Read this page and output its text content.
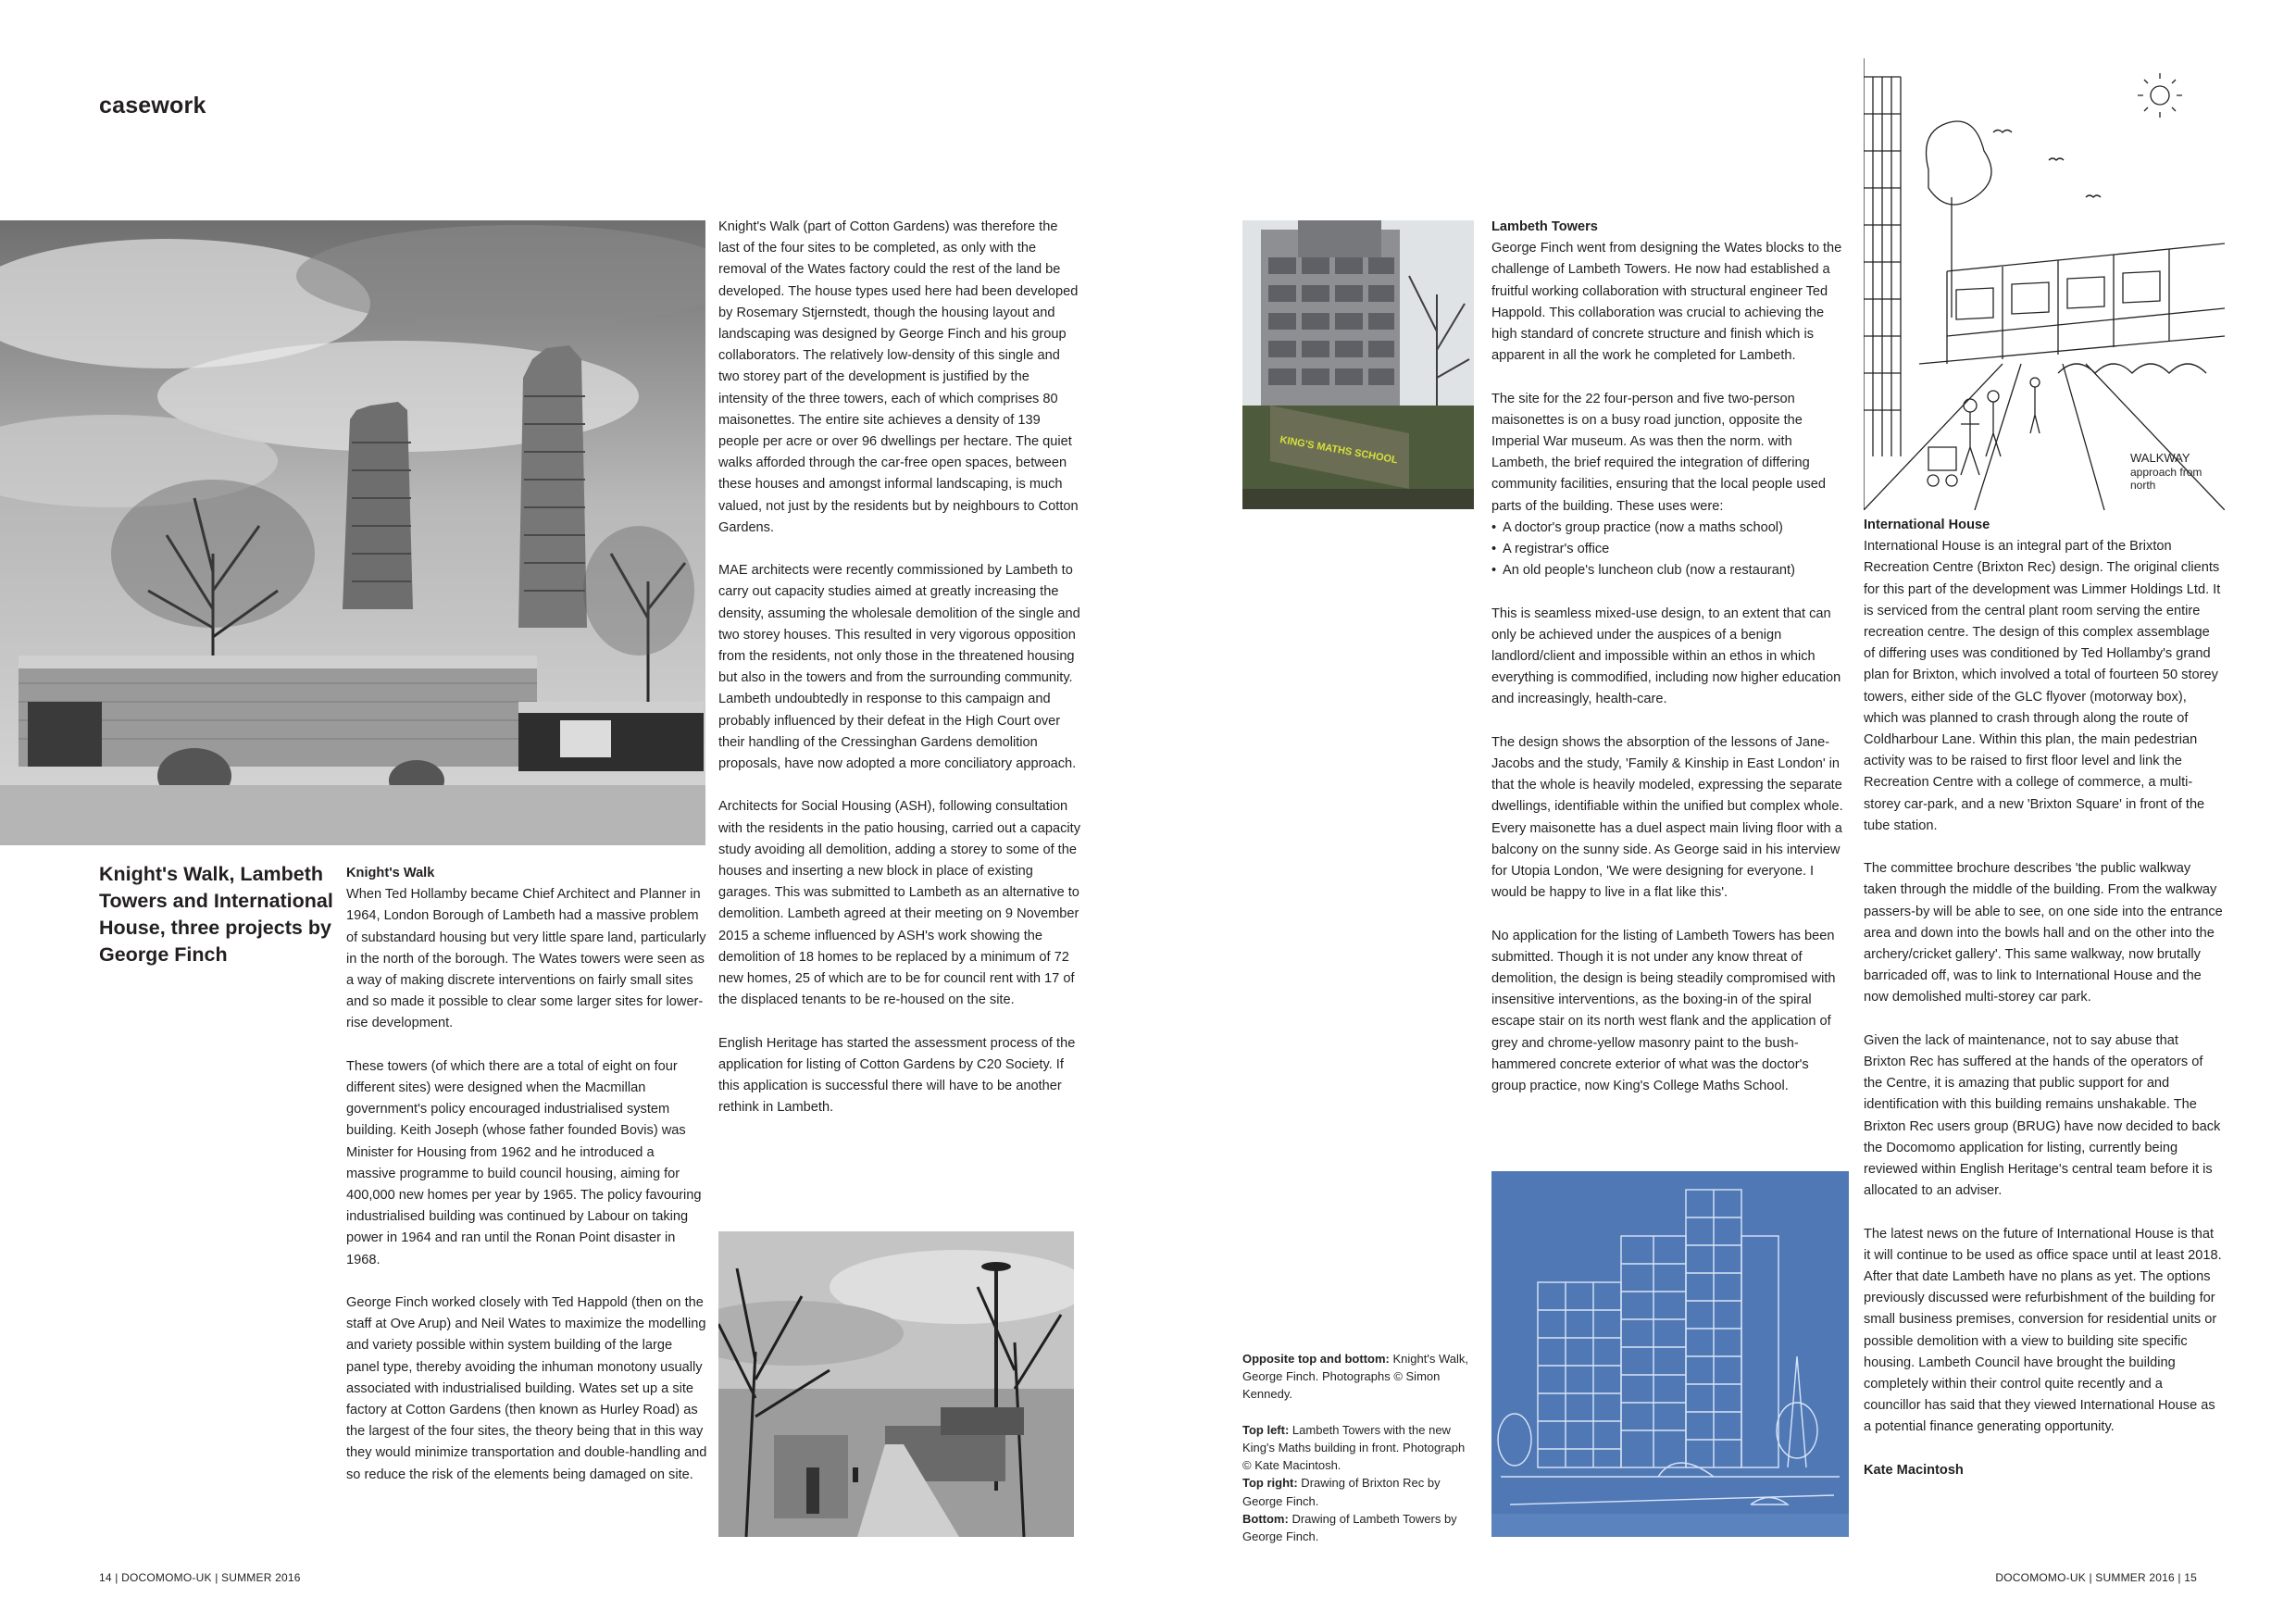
casework
Knight's Walk, Lambeth Towers and International House, three projects by George Finch
Knight's Walk

When Ted Hollamby became Chief Architect and Planner in 1964, London Borough of Lambeth had a massive problem of substandard housing but very little spare land, particularly in the north of the borough. The Wates towers were seen as a way of making discrete interventions on fairly small sites and so made it possible to clear some larger sites for lower-rise development.

These towers (of which there are a total of eight on four different sites) were designed when the Macmillan government's policy encouraged industrialised system building. Keith Joseph (whose father founded Bovis) was Minister for Housing from 1962 and he introduced a massive programme to build council housing, aiming for 400,000 new homes per year by 1965. The policy favouring industrialised building was continued by Labour on taking power in 1964 and ran until the Ronan Point disaster in 1968.

George Finch worked closely with Ted Happold (then on the staff at Ove Arup) and Neil Wates to maximize the modelling and variety possible within system building of the large panel type, thereby avoiding the inhuman monotony usually associated with industrialised building. Wates set up a site factory at Cotton Gardens (then known as Hurley Road) as the largest of the four sites, the theory being that in this way they would minimize transportation and double-handling and so reduce the risk of the elements being damaged on site.

Knight's Walk (part of Cotton Gardens) was therefore the last of the four sites to be completed, as only with the removal of the Wates factory could the rest of the land be developed. The house types used here had been developed by Rosemary Stjernstedt, though the housing layout and landscaping was designed by George Finch and his group collaborators. The relatively low-density of this single and two storey part of the development is justified by the intensity of the three towers, each of which comprises 80 maisonettes. The entire site achieves a density of 139 people per acre or over 96 dwellings per hectare. The quiet walks afforded through the car-free open spaces, between these houses and amongst informal landscaping, is much valued, not just by the residents but by neighbours to Cotton Gardens.

MAE architects were recently commissioned by Lambeth to carry out capacity studies aimed at greatly increasing the density, assuming the wholesale demolition of the single and two storey houses. This resulted in very vigorous opposition from the residents, not only those in the threatened housing but also in the towers and from the surrounding community. Lambeth undoubtedly in response to this campaign and probably influenced by their defeat in the High Court over their handling of the Cressinghan Gardens demolition proposals, have now adopted a more conciliatory approach.

Architects for Social Housing (ASH), following consultation with the residents in the patio housing, carried out a capacity study avoiding all demolition, adding a storey to some of the houses and inserting a new block in place of existing garages. This was submitted to Lambeth as an alternative to demolition. Lambeth agreed at their meeting on 9 November 2015 a scheme influenced by ASH's work showing the demolition of 18 homes to be replaced by a minimum of 72 new homes, 25 of which are to be for council rent with 17 of the displaced tenants to be re-housed on the site.

English Heritage has started the assessment process of the application for listing of Cotton Gardens by C20 Society. If this application is successful there will have to be another rethink in Lambeth.

14 | DOCOMOMO-UK | SUMMER 2016
KING'S MATHS SCHOOL
Lambeth Towers

George Finch went from designing the Wates blocks to the challenge of Lambeth Towers. He now had established a fruitful working collaboration with structural engineer Ted Happold. This collaboration was crucial to achieving the high standard of concrete structure and finish which is apparent in all the work he completed for Lambeth.

The site for the 22 four-person and five two-person maisonettes is on a busy road junction, opposite the Imperial War museum. As was then the norm. with Lambeth, the brief required the integration of differing community facilities, ensuring that the local people used parts of the building. These uses were:

• A doctor's group practice (now a maths school)
• A registrar's office
• An old people's luncheon club (now a restaurant)

This is seamless mixed-use design, to an extent that can only be achieved under the auspices of a benign landlord/client and impossible within an ethos in which everything is commodified, including now higher education and increasingly, health-care.

The design shows the absorption of the lessons of Jane-Jacobs and the study, 'Family & Kinship in East London' in that the whole is heavily modeled, expressing the separate dwellings, identifiable within the unified but complex whole. Every maisonette has a duel aspect main living floor with a balcony on the sunny side. As George said in his interview for Utopia London, 'We were designing for everyone. I would be happy to live in a flat like this'.

No application for the listing of Lambeth Towers has been submitted. Though it is not under any know threat of demolition, the design is being steadily compromised with insensitive interventions, as the boxing-in of the spiral escape stair on its north west flank and the application of grey and chrome-yellow masonry paint to the bush-hammered concrete exterior of what was the doctor's group practice, now King's College Maths School.

Opposite top and bottom: Knight's Walk, George Finch. Photographs © Simon Kennedy.

Top left: Lambeth Towers with the new King's Maths building in front. Photograph © Kate Macintosh.

Top right: Drawing of Brixton Rec by George Finch.

Bottom: Drawing of Lambeth Towers by George Finch.

WALKWAY
approach from
north
International House

International House is an integral part of the Brixton Recreation Centre (Brixton Rec) design. The original clients for this part of the development was Limmer Holdings Ltd. It is serviced from the central plant room serving the entire recreation centre. The design of this complex assemblage of differing uses was conditioned by Ted Hollamby's grand plan for Brixton, which involved a total of fourteen 50 storey towers, either side of the GLC flyover (motorway box), which was planned to crash through along the route of Coldharbour Lane. Within this plan, the main pedestrian activity was to be raised to first floor level and link the Recreation Centre with a college of commerce, a multi-storey car-park, and a new 'Brixton Square' in front of the tube station.

The committee brochure describes 'the public walkway taken through the middle of the building. From the walkway passers-by will be able to see, on one side into the entrance area and down into the bowls hall and on the other into the archery/cricket gallery'. This same walkway, now brutally barricaded off, was to link to International House and the now demolished multi-storey car park.

Given the lack of maintenance, not to say abuse that Brixton Rec has suffered at the hands of the operators of the Centre, it is amazing that public support for and identification with this building remains unshakable. The Brixton Rec users group (BRUG) have now decided to back the Docomomo application for listing, currently being reviewed within English Heritage's central team before it is allocated to an adviser.

The latest news on the future of International House is that it will continue to be used as office space until at least 2018. After that date Lambeth have no plans as yet. The options previously discussed were refurbishment of the building for small business premises, conversion for residential units or possible demolition with a view to building site specific housing. Lambeth Council have brought the building completely within their control quite recently and a councillor has said that they viewed International House as a potential finance generating opportunity.

Kate Macintosh
DOCOMOMO-UK | SUMMER 2016 | 15
